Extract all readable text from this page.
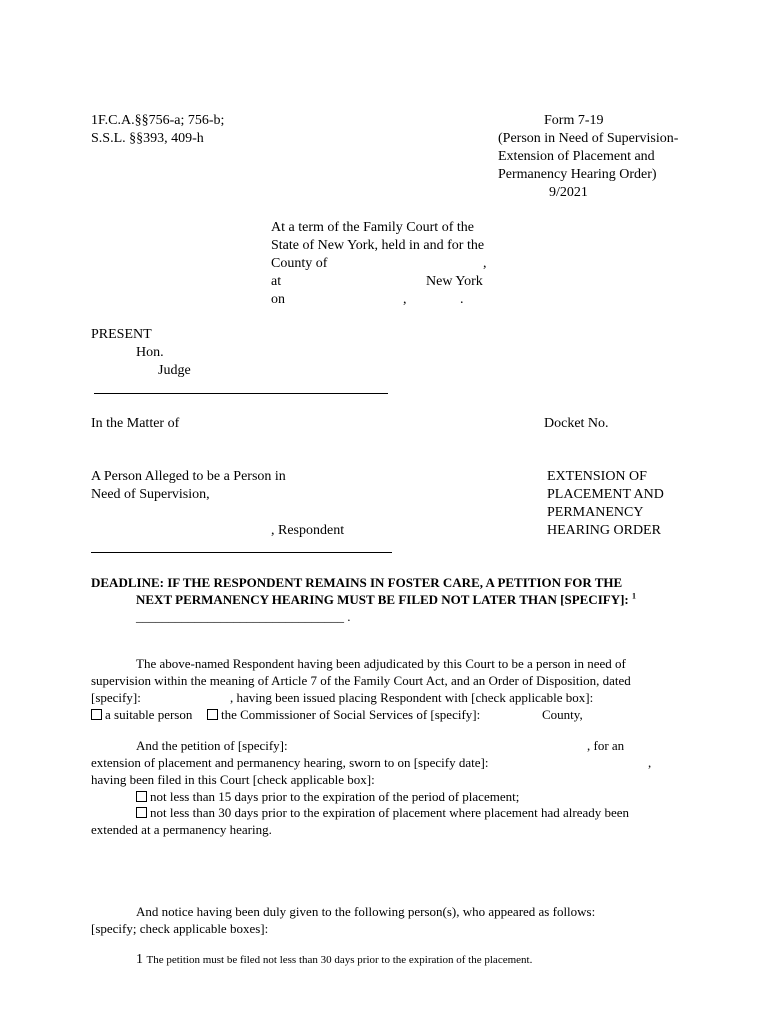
1F.C.A.§§756-a; 756-b;
S.S.L. §§393, 409-h
Form 7-19
(Person in Need of Supervision-
Extension of Placement and
Permanency Hearing Order)
9/2021
At a term of the Family Court of the
State of New York, held in and for the
County of	,
at	New York
on	,	.
PRESENT
Hon.
Judge
In the Matter of	Docket No.
A Person Alleged to be a Person in
Need of Supervision,
, Respondent
EXTENSION OF
PLACEMENT AND
PERMANENCY
HEARING ORDER
DEADLINE: IF THE RESPONDENT REMAINS IN FOSTER CARE, A PETITION FOR THE
NEXT PERMANENCY HEARING MUST BE FILED NOT LATER THAN [SPECIFY]: $^1$
________________________________ .
The above-named Respondent having been adjudicated by this Court to be a person in need of
supervision within the meaning of Article 7 of the Family Court Act, and an Order of Disposition, dated
[specify]:	, having been issued placing Respondent with [check applicable box]:
a suitable person	the Commissioner of Social Services of [specify]:	County,
And the petition of [specify]:	, for an
extension of placement and permanency hearing, sworn to on [specify date]:	,
having been filed in this Court [check applicable box]:
not less than 15 days prior to the expiration of the period of placement;
not less than 30 days prior to the expiration of placement where placement had already been
extended at a permanency hearing.
And notice having been duly given to the following person(s), who appeared as follows:
[specify; check applicable boxes]:
1 The petition must be filed not less than 30 days prior to the expiration of the placement.
